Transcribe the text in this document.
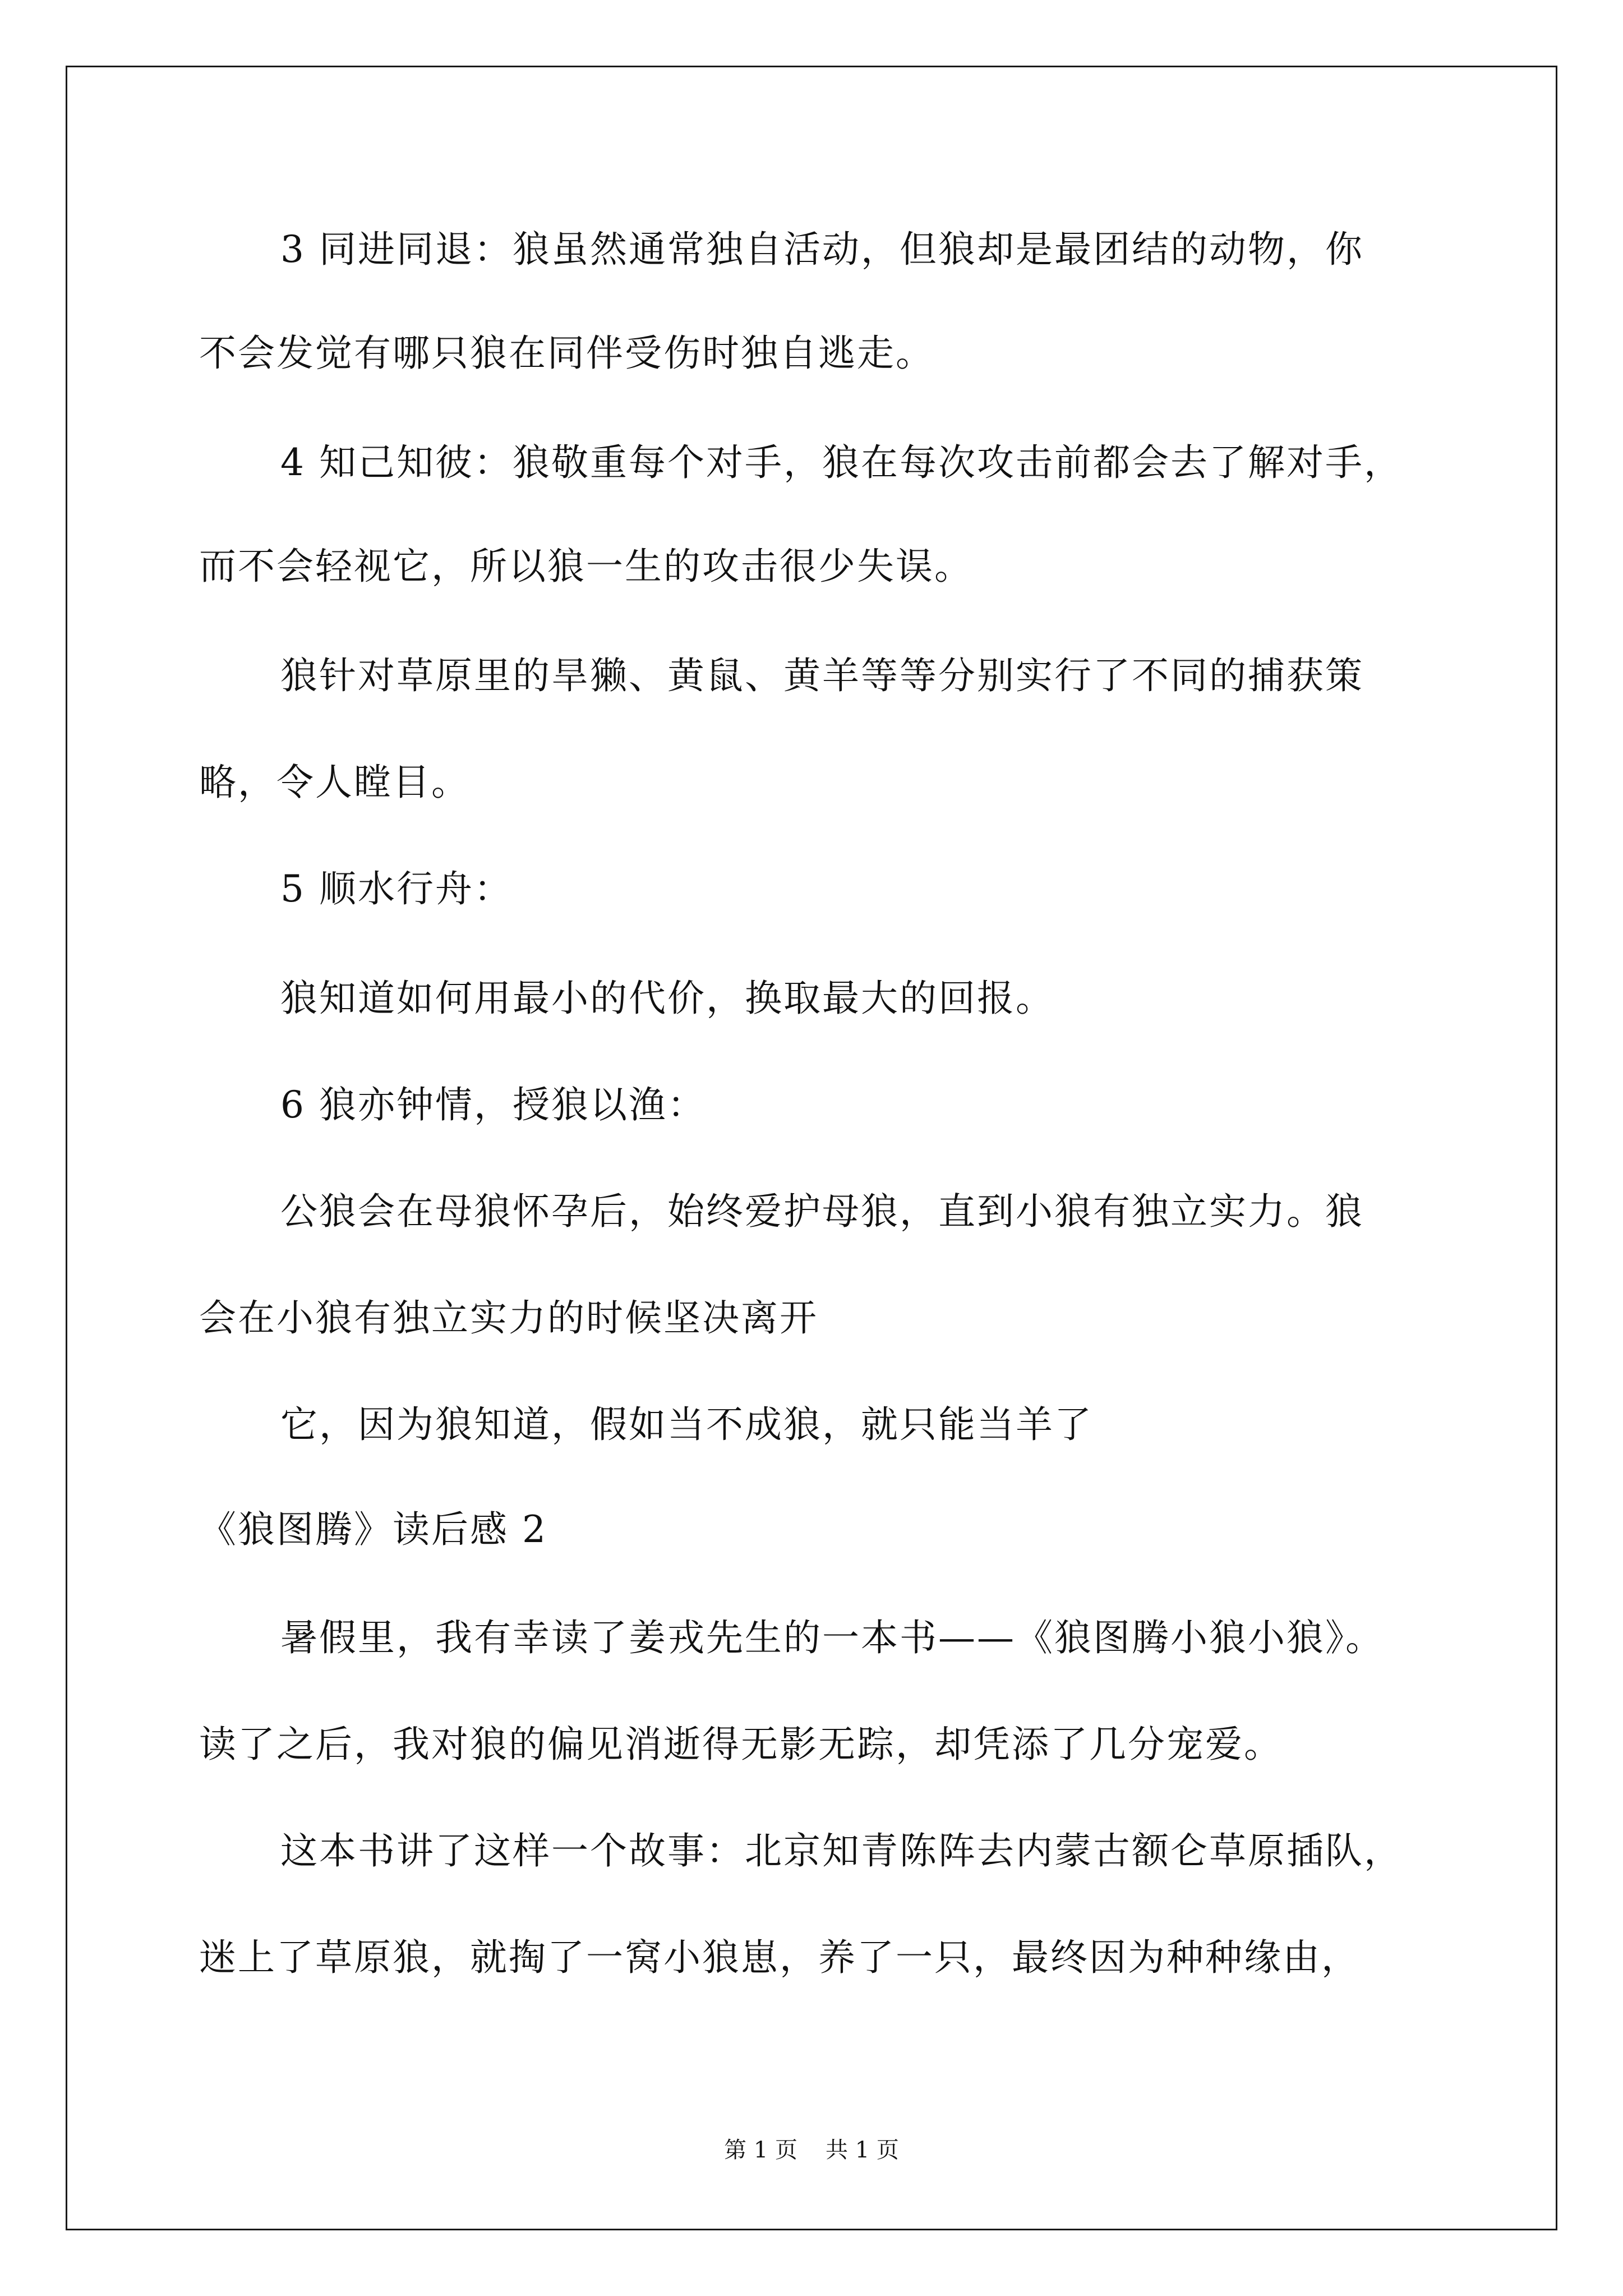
3 同进同退：狼虽然通常独自活动，但狼却是最团结的动物，你
不会发觉有哪只狼在同伴受伤时独自逃走。
4 知己知彼：狼敬重每个对手，狼在每次攻击前都会去了解对手，
而不会轻视它，所以狼一生的攻击很少失误。
狼针对草原里的旱獭、黄鼠、黄羊等等分别实行了不同的捕获策
略，令人瞠目。
5 顺水行舟：
狼知道如何用最小的代价，换取最大的回报。
6 狼亦钟情，授狼以渔：
公狼会在母狼怀孕后，始终爱护母狼，直到小狼有独立实力。狼
会在小狼有独立实力的时候坚决离开
它，因为狼知道，假如当不成狼，就只能当羊了
《狼图腾》读后感 2
暑假里，我有幸读了姜戎先生的一本书——《狼图腾小狼小狼》。
读了之后，我对狼的偏见消逝得无影无踪，却凭添了几分宠爱。
这本书讲了这样一个故事：北京知青陈阵去内蒙古额仑草原插队，
迷上了草原狼，就掏了一窝小狼崽，养了一只，最终因为种种缘由，
第 1 页 共 1 页
